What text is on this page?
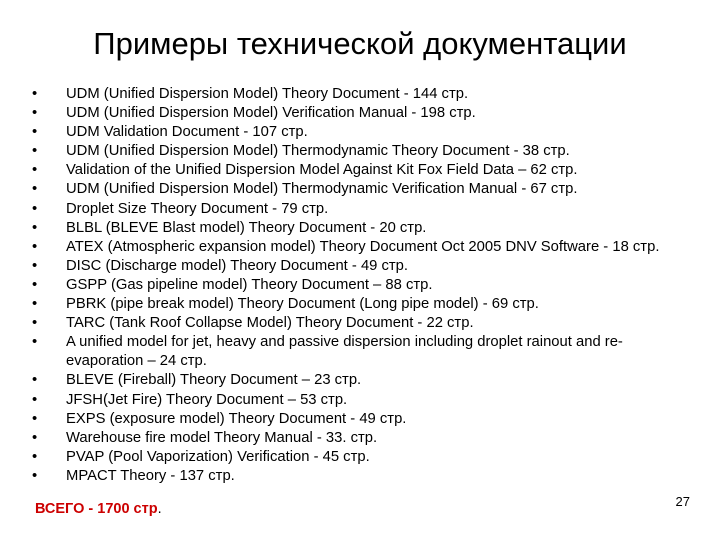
Примеры технической документации
• UDM (Unified Dispersion Model) Theory Document - 144 стр.
• UDM (Unified Dispersion Model) Verification Manual - 198 стр.
• UDM Validation Document - 107 стр.
• UDM (Unified Dispersion Model) Thermodynamic Theory Document - 38 стр.
• Validation of the Unified Dispersion Model Against Kit Fox Field Data – 62 стр.
• UDM (Unified Dispersion Model) Thermodynamic Verification Manual - 67 стр.
• Droplet Size Theory Document - 79 стр.
• BLBL (BLEVE Blast model) Theory Document - 20 стр.
• ATEX (Atmospheric expansion model) Theory Document Oct 2005 DNV Software - 18 стр.
• DISC (Discharge model) Theory Document - 49 стр.
• GSPP (Gas pipeline model) Theory Document – 88 стр.
• PBRK (pipe break model) Theory Document (Long pipe model) - 69 стр.
• TARC (Tank Roof Collapse Model) Theory Document - 22 стр.
• A unified model for jet, heavy and passive dispersion including droplet rainout and re-evaporation – 24 стр.
• BLEVE (Fireball) Theory Document – 23 стр.
• JFSH(Jet Fire) Theory Document – 53 стр.
• EXPS (exposure model) Theory Document - 49 стр.
• Warehouse fire model Theory Manual - 33. стр.
• PVAP (Pool Vaporization) Verification - 45 стр.
• MPACT Theory - 137 стр.
ВСЕГО - 1700 стр.	27
